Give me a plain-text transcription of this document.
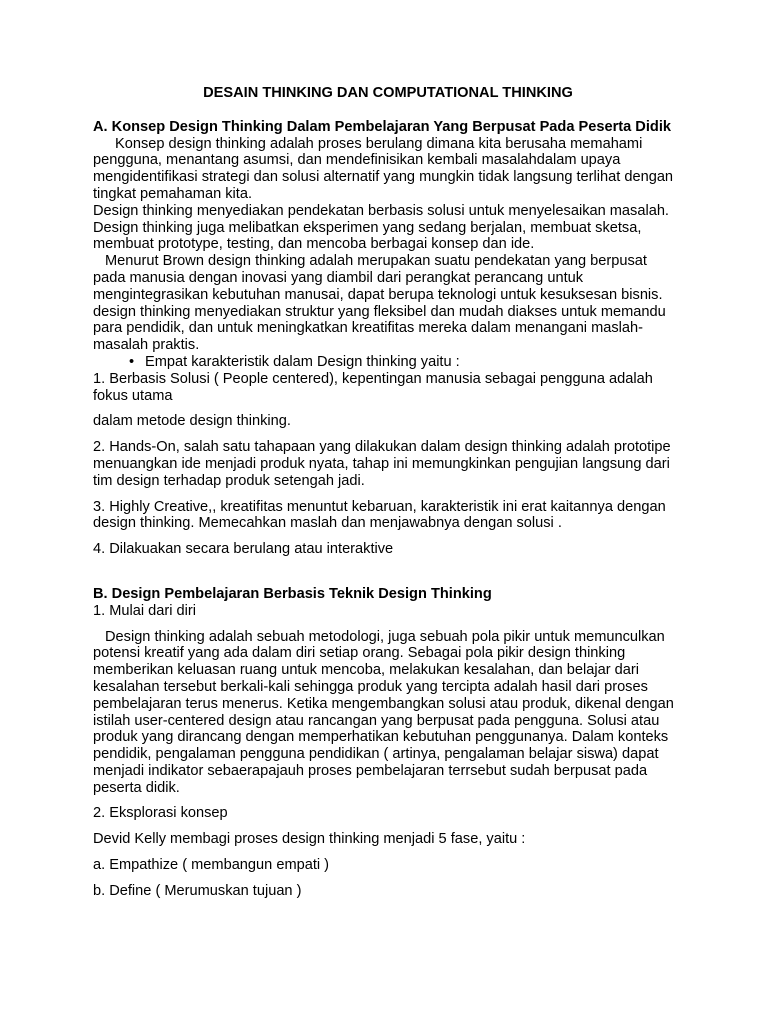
DESAIN THINKING DAN COMPUTATIONAL THINKING

A. Konsep Design Thinking Dalam Pembelajaran Yang Berpusat Pada Peserta Didik

Konsep design thinking adalah proses berulang dimana kita berusaha memahami pengguna, menantang asumsi, dan mendefinisikan kembali masalahdalam upaya mengidentifikasi strategi dan solusi alternatif yang mungkin tidak langsung terlihat dengan tingkat pemahaman kita.

Design thinking menyediakan pendekatan berbasis solusi untuk menyelesaikan masalah. Design thinking juga melibatkan eksperimen yang sedang berjalan, membuat sketsa, membuat prototype, testing, dan mencoba berbagai konsep dan ide.

Menurut Brown design thinking adalah merupakan suatu pendekatan yang berpusat pada manusia dengan inovasi yang diambil dari perangkat perancang untuk mengintegrasikan kebutuhan manusai, dapat berupa teknologi untuk kesuksesan bisnis. design thinking menyediakan struktur yang fleksibel dan mudah diakses untuk memandu para pendidik, dan untuk meningkatkan kreatifitas mereka dalam menangani maslah-masalah praktis.

• Empat karakteristik dalam Design thinking yaitu :

1. Berbasis Solusi ( People centered), kepentingan manusia sebagai pengguna adalah fokus utama

dalam metode design thinking.

2. Hands-On, salah satu tahapaan yang dilakukan dalam design thinking adalah prototipe menuangkan ide menjadi produk nyata, tahap ini memungkinkan pengujian langsung dari tim design terhadap produk setengah jadi.

3. Highly Creative,, kreatifitas menuntut kebaruan, karakteristik ini erat kaitannya dengan design thinking. Memecahkan maslah dan menjawabnya dengan solusi .

4. Dilakuakan secara berulang atau interaktive

B. Design Pembelajaran Berbasis Teknik Design Thinking

1. Mulai dari diri

Design thinking adalah sebuah metodologi, juga sebuah pola pikir untuk memunculkan potensi kreatif yang ada dalam diri setiap orang. Sebagai pola pikir design thinking memberikan keluasan ruang untuk mencoba, melakukan kesalahan, dan belajar dari kesalahan tersebut berkali-kali sehingga produk yang tercipta adalah hasil dari proses pembelajaran terus menerus. Ketika mengembangkan solusi atau produk, dikenal dengan istilah user-centered design atau rancangan yang berpusat pada pengguna. Solusi atau produk yang dirancang dengan memperhatikan kebutuhan penggunanya. Dalam konteks pendidik, pengalaman pengguna pendidikan ( artinya, pengalaman belajar siswa) dapat menjadi indikator sebaerapajauh proses pembelajaran terrsebut sudah berpusat pada peserta didik.

2. Eksplorasi konsep

Devid Kelly membagi proses design thinking menjadi 5 fase, yaitu :

a. Empathize ( membangun empati )

b. Define ( Merumuskan tujuan )
